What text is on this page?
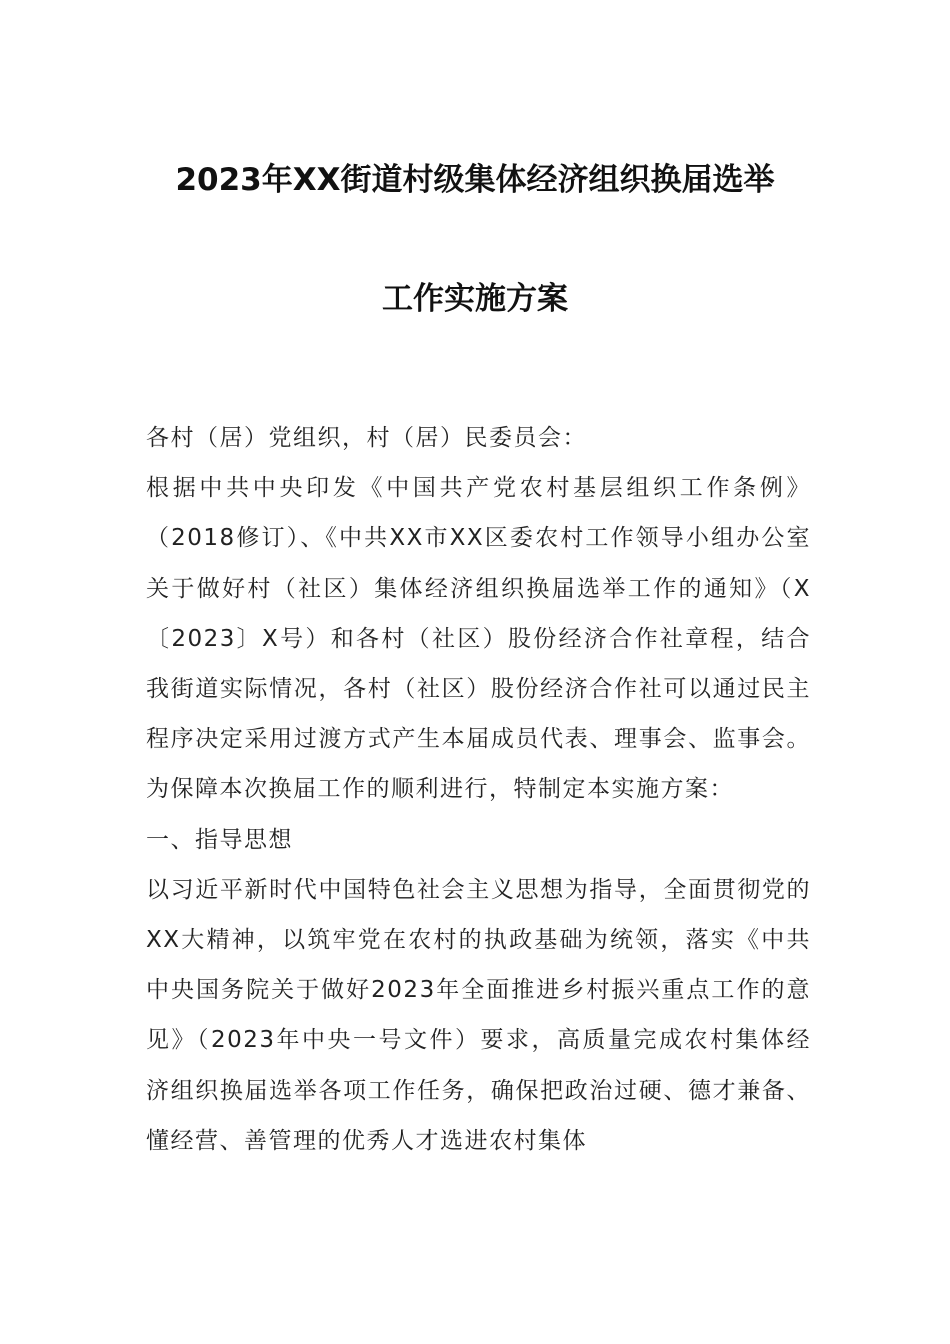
2023年XX街道村级集体经济组织换届选举
工作实施方案

各村（居）党组织，村（居）民委员会：

根据中共中央印发《中国共产党农村基层组织工作条例》（2018修订）、《中共XX市XX区委农村工作领导小组办公室关于做好村（社区）集体经济组织换届选举工作的通知》（X〔2023〕X号）和各村（社区）股份经济合作社章程，结合我街道实际情况，各村（社区）股份经济合作社可以通过民主程序决定采用过渡方式产生本届成员代表、理事会、监事会。为保障本次换届工作的顺利进行，特制定本实施方案：

一、指导思想

以习近平新时代中国特色社会主义思想为指导，全面贯彻党的XX大精神，以筑牢党在农村的执政基础为统领，落实《中共中央国务院关于做好2023年全面推进乡村振兴重点工作的意见》（2023年中央一号文件）要求，高质量完成农村集体经济组织换届选举各项工作任务，确保把政治过硬、德才兼备、懂经营、善管理的优秀人才选进农村集体
